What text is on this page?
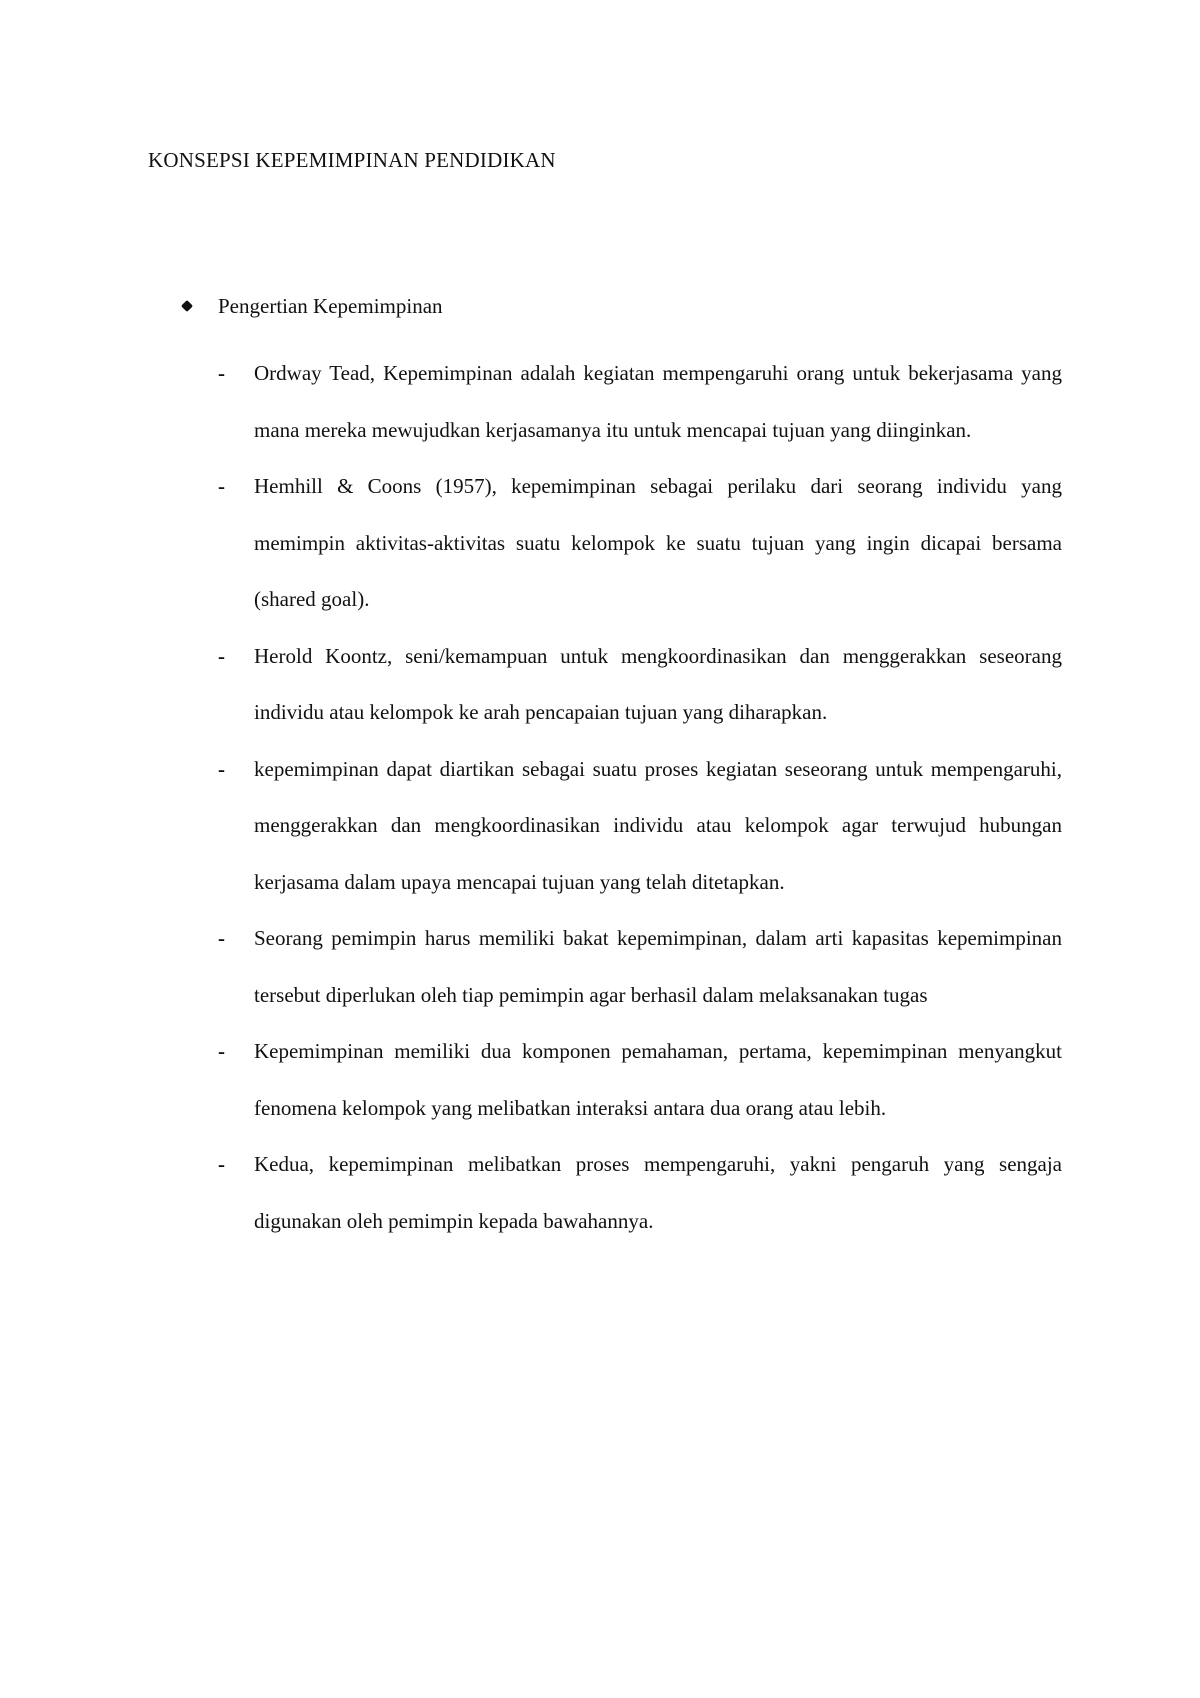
KONSEPSI KEPEMIMPINAN PENDIDIKAN
Pengertian Kepemimpinan
- Ordway Tead, Kepemimpinan adalah kegiatan mempengaruhi orang untuk bekerjasama yang mana mereka mewujudkan kerjasamanya itu untuk mencapai tujuan yang diinginkan.
- Hemhill & Coons (1957), kepemimpinan sebagai perilaku dari seorang individu yang memimpin aktivitas-aktivitas suatu kelompok ke suatu tujuan yang ingin dicapai bersama (shared goal).
- Herold Koontz, seni/kemampuan untuk mengkoordinasikan dan menggerakkan seseorang individu atau kelompok ke arah pencapaian tujuan yang diharapkan.
- kepemimpinan dapat diartikan sebagai suatu proses kegiatan seseorang untuk mempengaruhi, menggerakkan dan mengkoordinasikan individu atau kelompok agar terwujud hubungan kerjasama dalam upaya mencapai tujuan yang telah ditetapkan.
- Seorang pemimpin harus memiliki bakat kepemimpinan, dalam arti kapasitas kepemimpinan tersebut diperlukan oleh tiap pemimpin agar berhasil dalam melaksanakan tugas
- Kepemimpinan memiliki dua komponen pemahaman, pertama, kepemimpinan menyangkut fenomena kelompok yang melibatkan interaksi antara dua orang atau lebih.
- Kedua, kepemimpinan melibatkan proses mempengaruhi, yakni pengaruh yang sengaja digunakan oleh pemimpin kepada bawahannya.
